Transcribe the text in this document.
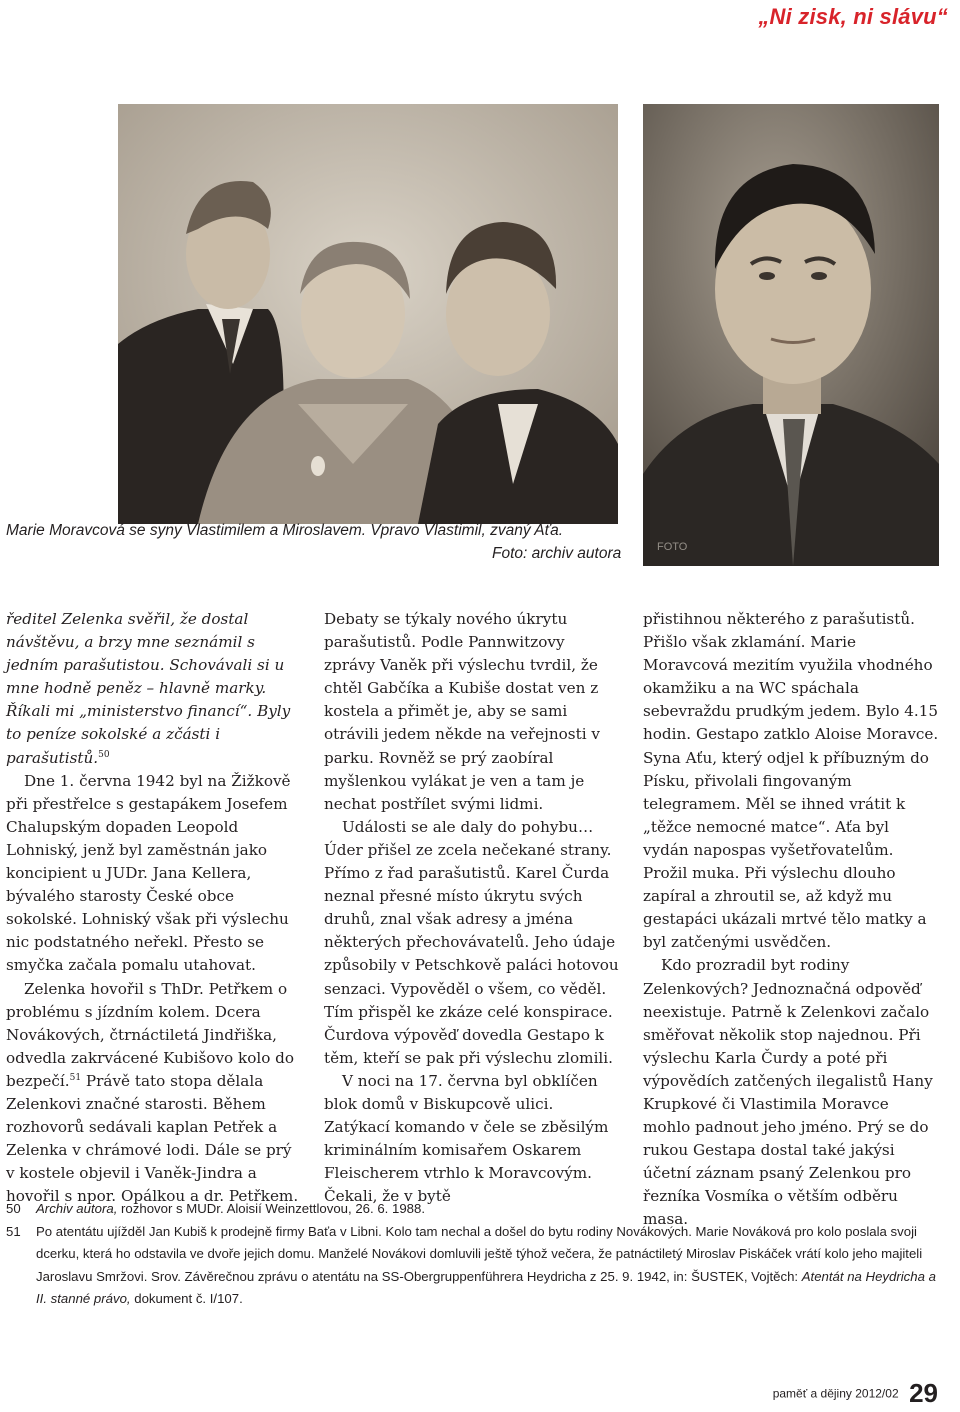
„Ni zisk, ni slávu“
FOTO
Marie Moravcová se syny Vlastimilem a Miroslavem. Vpravo Vlastimil, zvaný Aťa.
Foto: archiv autora

ředitel Zelenka svěřil, že dostal návštěvu, a brzy mne seznámil s jedním parašutistou. Schovávali si u mne hodně peněz – hlavně marky. Říkali mi „ministerstvo financí“. Byly to peníze sokolské a zčásti i parašutistů.$^{50}$

Dne 1. června 1942 byl na Žižkově při přestřelce s gestapákem Josefem Chalupským dopaden Leopold Lohniský, jenž byl zaměstnán jako koncipient u JUDr. Jana Kellera, bývalého starosty České obce sokolské. Lohniský však při výslechu nic podstatného neřekl. Přesto se smyčka začala pomalu utahovat.

Zelenka hovořil s ThDr. Petřkem o problému s jízdním kolem. Dcera Novákových, čtrnáctiletá Jindřiška, odvedla zakrvácené Kubišovo kolo do bezpečí.$^{51}$ Právě tato stopa dělala Zelenkovi značné starosti. Během rozhovorů sedávali kaplan Petřek a Zelenka v chrámové lodi. Dále se prý v kostele objevil i Vaněk-Jindra a hovořil s npor. Opálkou a dr. Petřkem.

Debaty se týkaly nového úkrytu parašutistů. Podle Pannwitzovy zprávy Vaněk při výslechu tvrdil, že chtěl Gabčíka a Kubiše dostat ven z kostela a přimět je, aby se sami otrávili jedem někde na veřejnosti v parku. Rovněž se prý zaobíral myšlenkou vylákat je ven a tam je nechat postřílet svými lidmi.

Události se ale daly do pohybu… Úder přišel ze zcela nečekané strany. Přímo z řad parašutistů. Karel Čurda neznal přesné místo úkrytu svých druhů, znal však adresy a jména některých přechovávatelů. Jeho údaje způsobily v Petschkově paláci hotovou senzaci. Vypověděl o všem, co věděl. Tím přispěl ke zkáze celé konspirace. Čurdova výpověď dovedla Gestapo k těm, kteří se pak při výslechu zlomili.

V noci na 17. června byl obklíčen blok domů v Biskupcově ulici. Zatýkací komando v čele se zběsilým kriminálním komisařem Oskarem Fleischerem vtrhlo k Moravcovým. Čekali, že v bytě

přistihnou některého z parašutistů. Přišlo však zklamání. Marie Moravcová mezitím využila vhodného okamžiku a na WC spáchala sebevraždu prudkým jedem. Bylo 4.15 hodin. Gestapo zatklo Aloise Moravce. Syna Aťu, který odjel k příbuzným do Písku, přivolali fingovaným telegramem. Měl se ihned vrátit k „těžce nemocné matce“. Aťa byl vydán napospas vyšetřovatelům. Prožil muka. Při výslechu dlouho zapíral a zhroutil se, až když mu gestapáci ukázali mrtvé tělo matky a byl zatčenými usvědčen.

Kdo prozradil byt rodiny Zelenkových? Jednoznačná odpověď neexistuje. Patrně k Zelenkovi začalo směřovat několik stop najednou. Při výslechu Karla Čurdy a poté při výpovědích zatčených ilegalistů Hany Krupkové či Vlastimila Moravce mohlo padnout jeho jméno. Prý se do rukou Gestapa dostal také jakýsi účetní záznam psaný Zelenkou pro řezníka Vosmíka o větším odběru masa.

50 Archiv autora, rozhovor s MUDr. Aloisií Weinzettlovou, 26. 6. 1988.
51 Po atentátu ujížděl Jan Kubiš k prodejně firmy Baťa v Libni. Kolo tam nechal a došel do bytu rodiny Novákových. Marie Nováková pro kolo poslala svoji dcerku, která ho odstavila ve dvoře jejich domu. Manželé Novákovi domluvili ještě týhož večera, že patnáctiletý Miroslav Piskáček vrátí kolo jeho majiteli Jaroslavu Smržovi. Srov. Závěrečnou zprávu o atentátu na SS-Obergruppenführera Heydricha z 25. 9. 1942, in: ŠUSTEK, Vojtěch: Atentát na Heydricha a II. stanné právo, dokument č. I/107.
paměť a dějiny 2012/02 29
